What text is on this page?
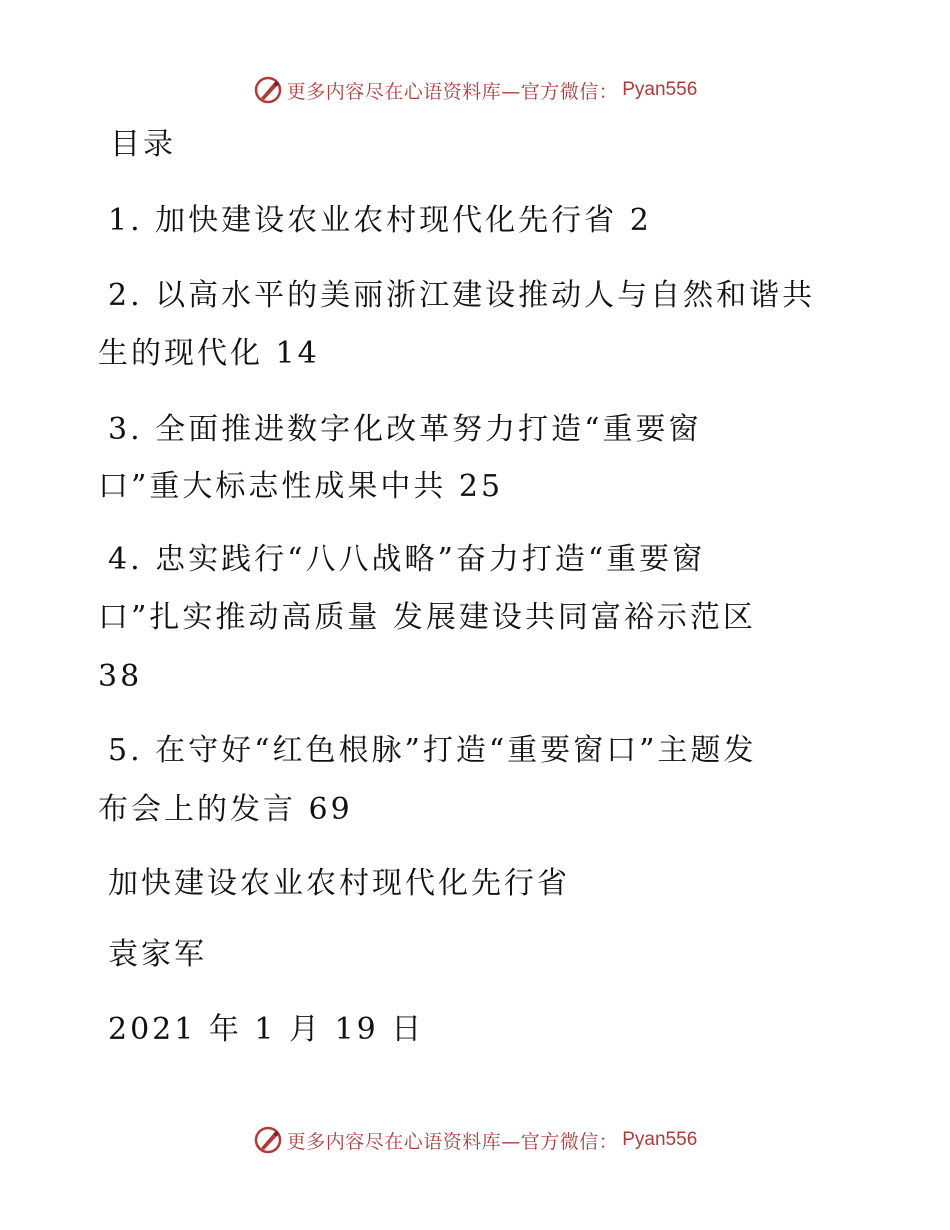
更多内容尽在心语资料库—官方微信： Pyan556
目录
1. 加快建设农业农村现代化先行省 2
2. 以高水平的美丽浙江建设推动人与自然和谐共
生的现代化 14
3. 全面推进数字化改革努力打造“重要窗
口”重大标志性成果中共 25
4. 忠实践行“八八战略”奋力打造“重要窗
口”扎实推动高质量 发展建设共同富裕示范区
38
5. 在守好“红色根脉”打造“重要窗口”主题发
布会上的发言 69
加快建设农业农村现代化先行省
袁家军
2021 年 1 月 19 日
更多内容尽在心语资料库—官方微信： Pyan556
